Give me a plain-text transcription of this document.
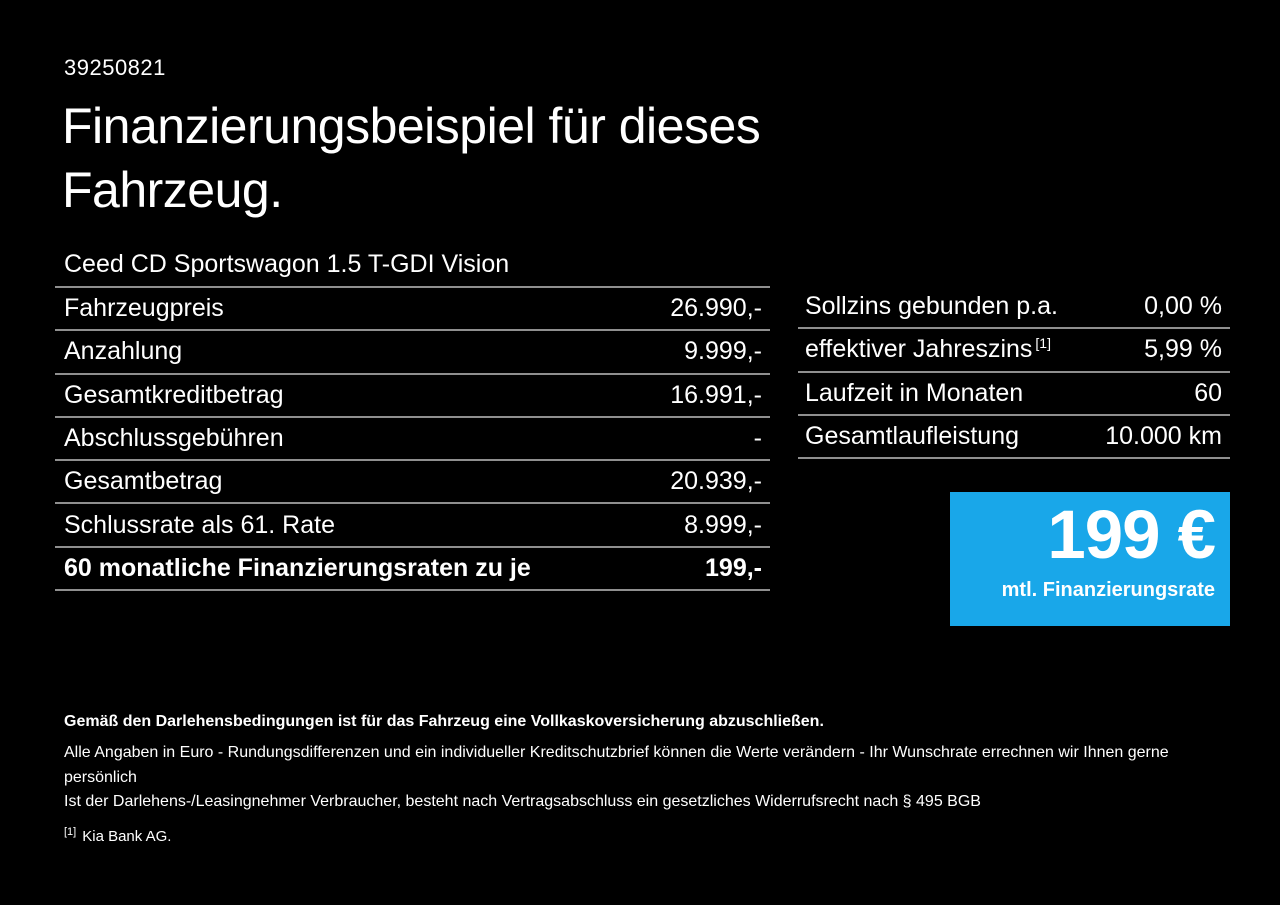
39250821
Finanzierungsbeispiel für dieses
Fahrzeug.
Ceed CD Sportswagon 1.5 T-GDI Vision
Fahrzeugpreis	26.990,-
Anzahlung	9.999,-
Gesamtkreditbetrag	16.991,-
Abschlussgebühren	-
Gesamtbetrag	20.939,-
Schlussrate als 61. Rate	8.999,-
60 monatliche Finanzierungsraten zu je	199,-
Sollzins gebunden p.a.	0,00 %
effektiver Jahreszins [1]	5,99 %
Laufzeit in Monaten	60
Gesamtlaufleistung	10.000 km
199 €
mtl. Finanzierungsrate

Gemäß den Darlehensbedingungen ist für das Fahrzeug eine Vollkaskoversicherung abzuschließen.

Alle Angaben in Euro - Rundungsdifferenzen und ein individueller Kreditschutzbrief können die Werte verändern - Ihr Wunschrate errechnen wir Ihnen gerne persönlich

Ist der Darlehens-/Leasingnehmer Verbraucher, besteht nach Vertragsabschluss ein gesetzliches Widerrufsrecht nach § 495 BGB

[1] Kia Bank AG.
